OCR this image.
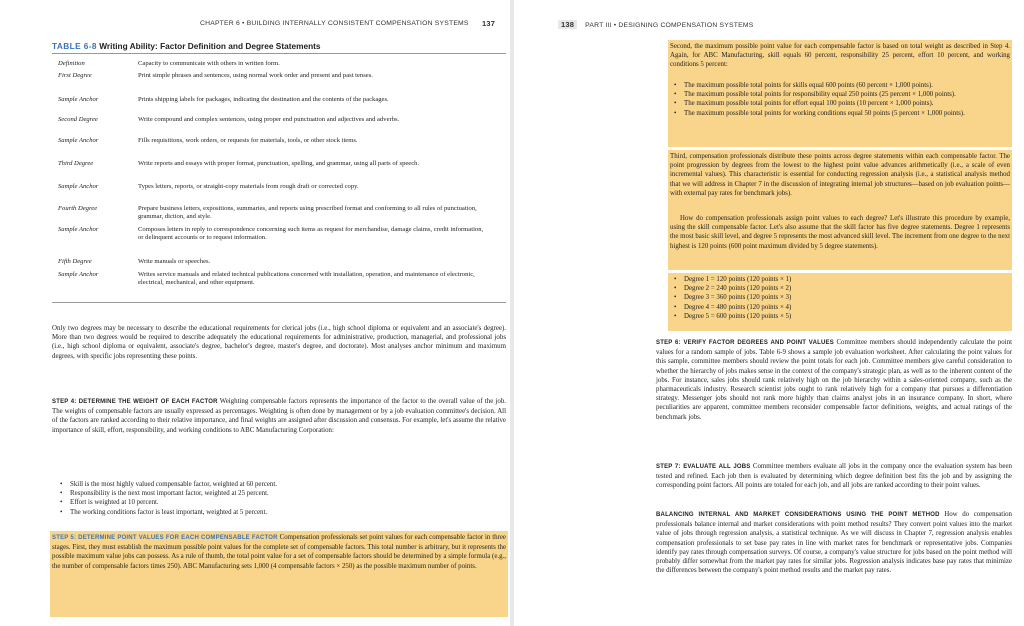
CHAPTER 6 • BUILDING INTERNALLY CONSISTENT COMPENSATION SYSTEMS 137
TABLE 6-8 Writing Ability: Factor Definition and Degree Statements
Definition	Capacity to communicate with others in written form.
First Degree	Print simple phrases and sentences, using normal work order and present and past tenses.
Sample Anchor	Prints shipping labels for packages, indicating the destination and the contents of the packages.
Second Degree	Write compound and complex sentences, using proper end punctuation and adjectives and adverbs.
Sample Anchor	Fills requisitions, work orders, or requests for materials, tools, or other stock items.
Third Degree	Write reports and essays with proper format, punctuation, spelling, and grammar, using all parts of speech.
Sample Anchor	Types letters, reports, or straight-copy materials from rough draft or corrected copy.
Fourth Degree	Prepare business letters, expositions, summaries, and reports using prescribed format and conforming to all rules of punctuation, grammar, diction, and style.
Sample Anchor	Composes letters in reply to correspondence concerning such items as request for merchandise, damage claims, credit information, or delinquent accounts or to request information.
Fifth Degree	Write manuals or speeches.
Sample Anchor	Writes service manuals and related technical publications concerned with installation, operation, and maintenance of electronic, electrical, mechanical, and other equipment.
Only two degrees may be necessary to describe the educational requirements for clerical jobs (i.e., high school diploma or equivalent and an associate's degree). More than two degrees would be required to describe adequately the educational requirements for administrative, production, managerial, and professional jobs (i.e., high school diploma or equivalent, associate's degree, bachelor's degree, master's degree, and doctorate). Most analyses anchor minimum and maximum degrees, with specific jobs representing these points.
STEP 4: DETERMINE THE WEIGHT OF EACH FACTOR Weighting compensable factors represents the importance of the factor to the overall value of the job. The weights of compensable factors are usually expressed as percentages. Weighting is often done by management or by a job evaluation committee's decision. All of the factors are ranked according to their relative importance, and final weights are assigned after discussion and consensus. For example, let's assume the relative importance of skill, effort, responsibility, and working conditions to ABC Manufacturing Corporation:
• Skill is the most highly valued compensable factor, weighted at 60 percent.
• Responsibility is the next most important factor, weighted at 25 percent.
• Effort is weighted at 10 percent.
• The working conditions factor is least important, weighted at 5 percent.
STEP 5: DETERMINE POINT VALUES FOR EACH COMPENSABLE FACTOR Compensation professionals set point values for each compensable factor in three stages. First, they must establish the maximum possible point values for the complete set of compensable factors. This total number is arbitrary, but it represents the possible maximum value jobs can possess. As a rule of thumb, the total point value for a set of compensable factors should be determined by a simple formula (e.g., the number of compensable factors times 250). ABC Manufacturing sets 1,000 (4 compensable factors × 250) as the possible maximum number of points.
138 PART III • DESIGNING COMPENSATION SYSTEMS
Second, the maximum possible point value for each compensable factor is based on total weight as described in Step 4. Again, for ABC Manufacturing, skill equals 60 percent, responsibility 25 percent, effort 10 percent, and working conditions 5 percent:
• The maximum possible total points for skills equal 600 points (60 percent × 1,000 points).
• The maximum possible total points for responsibility equal 250 points (25 percent × 1,000 points).
• The maximum possible total points for effort equal 100 points (10 percent × 1,000 points).
• The maximum possible total points for working conditions equal 50 points (5 percent × 1,000 points).
Third, compensation professionals distribute these points across degree statements within each compensable factor. The point progression by degrees from the lowest to the highest point value advances arithmetically (i.e., a scale of even incremental values). This characteristic is essential for conducting regression analysis (i.e., a statistical analysis method that we will address in Chapter 7 in the discussion of integrating internal job structures—based on job evaluation points—with external pay rates for benchmark jobs).
How do compensation professionals assign point values to each degree? Let's illustrate this procedure by example, using the skill compensable factor. Let's also assume that the skill factor has five degree statements. Degree 1 represents the most basic skill level, and degree 5 represents the most advanced skill level. The increment from one degree to the next highest is 120 points (600 point maximum divided by 5 degree statements).
• Degree 1 = 120 points (120 points × 1)
• Degree 2 = 240 points (120 points × 2)
• Degree 3 = 360 points (120 points × 3)
• Degree 4 = 480 points (120 points × 4)
• Degree 5 = 600 points (120 points × 5)
STEP 6: VERIFY FACTOR DEGREES AND POINT VALUES Committee members should independently calculate the point values for a random sample of jobs. Table 6-9 shows a sample job evaluation worksheet. After calculating the point values for this sample, committee members should review the point totals for each job. Committee members give careful consideration to whether the hierarchy of jobs makes sense in the context of the company's strategic plan, as well as to the inherent content of the jobs. For instance, sales jobs should rank relatively high on the job hierarchy within a sales-oriented company, such as the pharmaceuticals industry. Research scientist jobs ought to rank relatively high for a company that pursues a differentiation strategy. Messenger jobs should not rank more highly than claims analyst jobs in an insurance company. In short, where peculiarities are apparent, committee members reconsider compensable factor definitions, weights, and actual ratings of the benchmark jobs.
STEP 7: EVALUATE ALL JOBS Committee members evaluate all jobs in the company once the evaluation system has been tested and refined. Each job then is evaluated by determining which degree definition best fits the job and by assigning the corresponding point factors. All points are totaled for each job, and all jobs are ranked according to their point values.
BALANCING INTERNAL AND MARKET CONSIDERATIONS USING THE POINT METHOD How do compensation professionals balance internal and market considerations with point method results? They convert point values into the market value of jobs through regression analysis, a statistical technique. As we will discuss in Chapter 7, regression analysis enables compensation professionals to set base pay rates in line with market rates for benchmark or representative jobs. Companies identify pay rates through compensation surveys. Of course, a company's value structure for jobs based on the point method will probably differ somewhat from the market pay rates for similar jobs. Regression analysis indicates base pay rates that minimize the differences between the company's point method results and the market pay rates.
